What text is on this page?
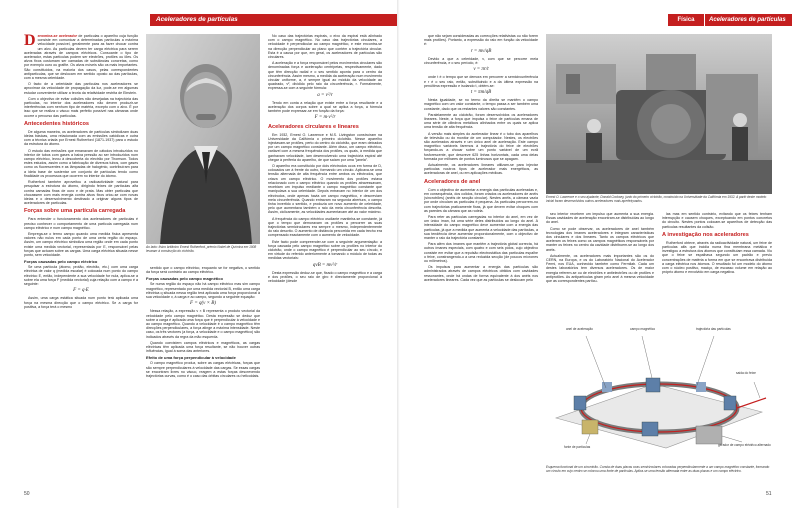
Aceleradores de partículas

Denomina-se acelerador de partículas o aparelho cuja função consiste em comunicar a determinadas partículas a máxima velocidade possível, geralmente para as fazer chocar contra um alvo. As partículas devem ter carga eléctrica para serem aceleradas através de campos eléctricos. Consoante o tipo de acelerador, estas partículas podem ser electrões, protões ou iões. Os alvos fixos costumam ser camadas de substâncias concretas, como por exemplo ouro ou grafite. Os alvos móveis são os mais importantes. São constituídos, na maioria dos casos, pelas correspondentes antipartículas, que se deslocam em sentido oposto ao das partículas, com a mesma celeridade.

O facto de a celeridade das partículas nos aceleradores se aproximar da velocidade de propagação da luz, pode-se em algumas estudar conveniente utilizar a teoria da relatividade restrita de Einstein.

Com o objectivo de evitar colisões não desejadas na trajectória das partículas, no interior dos aceleradores não devem produzir-se interferências com nenhum tipo de matéria, excepto com o alvo. É por isso que se realiza o vácuo mais perfeito possível nas câmaras onde ocorre o percurso das partículas.

Antecedentes históricos

De alguma maneira, os aceleradores de partículas simbolizam duas ideias básicas, uma relacionada com as emissões catódicas e outra com a técnica criada por Ernest Rutherford (1871-1937) para o estudo da estrutura do átomo.

O estudo das emissões que emanavam de cátodos introduzidos no interior de tubos com gases a baixa pressão ao ser introduzidos num campo eléctrico, levou à descoberta do electrão por Thomson. Todos estes estudos, assim como a fabricação de diversos tubos, com gases como os fluorescentes e as lâmpadas de halogénio, contribuíram para a ideia base de sustentar um conjunto de partículas tendo como finalidade os processos que ocorrem no interior do átomo.

Rutherford também aproveitou a radioactividade natural para pesquisar a estrutura do átomo, dirigindo feixes de partículas alfa contra camadas finas de ouro e de prata. Mas obter partículas que chocassem com mais energia contra alvos fixos criou-se com novas ideias e o desenvolvimento destinado a originar alguns tipos de aceleradores de partículas.

Forças sobre uma partícula carregada

Para entender o funcionamento dos aceleradores de partículas é preciso conhecer o comportamento de uma partícula carregada num campo eléctrico e num campo magnético.

Emprega-se o termo campo quando uma medida física apresenta valores não nulos em cada ponto de uma certa região do espaço. Assim, um campo eléctrico simboliza uma região onde em cada ponto existe uma medida vectorial, representada por E, responsável pelas forças que actuam sobre as cargas. Uma carga eléctrica situada nesse ponto, sem velocidade.

Forças causadas pelo campo eléctrico

Se uma partícula (átomo, protão, electrão, etc.) com uma carga eléctrica de valor q (medida escalar) é colocada num ponto do campo eléctrico E, então, independente a sua velocidade for nula, aplica-se a sobre ela uma força F (medida vectorial) cuja relação com a campo é a seguinte:

F = q·E

Assim, uma carga estática situada num ponto terá aplicada uma força na mesma direcção que o campo eléctrico. Se a carga for positiva, a força terá o mesmo

Ao lado: físico britânico Ernest Rutherford, prémio Nobel de Química em 1908 levaram à construção do ciclotrão.

sentido que o campo eléctrico, enquanto se for negativa, o sentido da força será contrário ao campo eléctrico.

Forças causadas pelo campo magnético

Se numa região do espaço não há campo eléctrico mas sim campo magnético, representado por uma medida vectorial B, então uma carga eléctrica q situada nessa região terá aplicada uma força proporcional à sua velocidade v, à carga e ao campo, segundo a seguinte equação:

F = q(v × B)

Nessa relação, a expressão v × B representa o produto vectorial da velocidade pelo campo magnético. Desta expressão se deduz que sobre a carga é aplicada uma força que é perpendicular à velocidade e ao campo magnético. Quando a velocidade é o campo magnético têm direcções perpendiculares, a força atinge a máxima intensidade. Neste caso, os três vectores (a força, a velocidade e o campo magnético) são indicados através da regra da mão esquerda.

Quando coexistem campos eléctricos e magnéticos, as cargas eléctricas têm aplicada uma força resultante, se não houver outras influências, igual à soma das anteriores.

Efeito de uma força perpendicular à velocidade

O campo magnético produz, sobre as cargas eléctricas, forças que são sempre perpendiculares à velocidade das cargas. Se essas cargas se encontram livres no vácuo, reagem a estas forças descrevendo trajectórias curvas, como é o caso das órbitas circulares ou helicoidais.

No caso das trajectórias espirais, o eixo da espiral está alinhado com o campo magnético. No caso das trajectórias circulares, a velocidade é perpendicular ao campo magnético, e este encontra-se na direcção perpendicular ao plano que contém a trajectória circular. Esta é a causa por que, em geral, os aceleradores de partículas são circulares.

A aceleração e a força responsável pelos movimentos circulares são denominadas força e aceleração centrípetas, respectivamente, dado que têm direcção radial e o seu sentido aponta para o centro da circunferência. Assim mesmo, a medida da aceleração num movimento circular uniforme, a, é sempre igual ao módulo da velocidade ao quadrado, v², dividido pelo raio da circunferência, r. Formalmente, expressa-se com a seguinte fórmula:

a = v²/r

Tendo em conta a relação que existe entre a força resultante e a aceleração dos corpos sobre a qual se aplica a força, a fórmula também pode expressar-se em função da força:

F = m·v²/r
Aceleradores circulares e lineares

Em 1932, Ernest O. Lawrence e M.S. Livingston construíram na Universidade da Califórnia o primeiro ciclotrão. Nesse aparelho injectavam-se protões, perto do centro do ciclotrão, que eram deixados por um campo magnético constante. Além disso, um campo eléctrico, variável com a mesma frequência dos protões, os quais, à medida que ganhavam velocidade, iam desenvolvendo uma trajectória espiral até chegar à periferia do aparelho, de que saíam por uma "janela".

O aparelho era constituído por dois eléctrodos ocos em forma de D, colocados um à frente do outro, formando um círculo. Aplicava-se uma tensão alternada de alta frequência entre ambos os eléctrodos, que criava um campo eléctrico. O movimento dos protões estava relacionado com o campo eléctrico quando os protões atravessavam, recebiam um impulso mediante o campo magnético constante que manipulava a sua celeridade. Depois entravam no interior de um dos eléctrodos, onde apenas havia um campo magnético, e descreviam meia circunferência. Quando entravam na segunda abertura, o campo tinha invertido o sentido, e produzia um novo aumento de celeridade, pelo que aumentava também o raio da meia circunferência descrita. Assim, ciclicamente, as velocidades aumentavam até ao valor máximo.

A frequência do campo eléctrico oscilante mantinha-se constante, já que o tempo que demoravam os protões a percorrer as suas trajectórias semicirculares era sempre o mesmo, independentemente do raio descrito. O aumento de distância percorrida em cada trecho era compensado exactamente com o aumento de velocidade.

Este facto pode compreender-se com a seguinte argumentação: a força causada pelo campo magnético sobre os protões no interior do ciclotrão, onde o campo magnético é perpendicular ao seu círculo, e em virtude do referido anteriormente a tomando o módulo de todas as medidas vectoriais:

qvB = mv²/r

Desta expressão deduz-se que, fixado o campo magnético e a carga e dos protões, o seu raio de giro é directamente proporcional à velocidade (desde

50
Física	Aceleradores de partículas

que não sejam consideradas as correcções relativistas ou não forem mais protões). Portanto, a expressão do raio em função da velocidade é:

r = mv/qB

Devido a que a celeridade, v, com que se percorre meia circunferência, e o seu período, é:

v = πr/t

onde t é o tempo que se demora em percorrer a semicircunferência e r é o seu raio, então, substituindo e a da última expressão na penúltima expressão e isolando t, obtém-se:

t = πm/qB

Nesta igualdade, se no termo da direita se mantêm o campo magnético com um valor constante, o tempo passa a ser também uma constante, dado que os restantes valores são constantes.

Paralelamente ao ciclotrão, foram desenvolvidos os aceleradores lineares. Neste, a força que impulsa o feixe de partículas emana de uma série de cilindros metálicos alinhados entre os quais se aplica uma tensão de alta frequência.

A versão mais simples do acelerador linear é o tubo dos aparelhos de televisão ou do monitor de um computador. Nestes, os electrões são acelerados através e um único anel de aceleração. Este campo magnético variáveis faremos à trajectória do feixe de electrões forçando-os a chocar sobre um ponto variável de um ecrã fosforescente, que descreve 625 linhas horizontais, cada uma delas formada por milhares de pontos luminosos que se apagam.

Actualmente, os aceleradores lineares utilizam-se para injectar partículas noutros tipos de acelerador mais energéticos, as aceleradoras de anel, ou em aplicações médicas.

Aceleradores de anel

Com o objectivo de aumentar a energia das partículas aceleradas e, em consequência, dos colidos, foram criados os aceleradores de anéis (síncrotrões) (anéis de secção circular). Nestes anéis, a câmara vazia por onde circulam as partículas é pequena. As partículas percorrem-no com trajectórias praticamente fixas, já que devem evitar choques com as paredes da câmara que as rodeia.

Para reter as partículas carregadas no interior do anel, em vez de um único íman, há uma série deles distribuídos ao longo do anel. A intensidade do campo magnético deve aumentar com a energia das partículas, já que a medida que aumenta a velocidade das partículas, a sua tendência deve aumentar proporcionalmente, com o objectivo de manter o raio da trajectória constante.

Para além dos ímanes que mantêm a trajectória global correcta, há outros ímanes especiais, com quatro e com seis pólos, cujo objectivo consiste em evitar que a repulsão electrostática das partículas espalhe o feixe, constrangendo-o a uma reduzida secção (de poucos mícrones ou milímetros).

Os impulsos para aumentar a energia das partículas são administrados através de campos eléctricos obtidos com cavidades ressonantes, onde há ondas de forma equivalente à dos anéis nos aceleradores lineares. Cada vez que as partículas se deslocam pelo

Ernest O. Lawrence e o seu ajudante, Donald Cooksey, junto do primeiro ciclotrão, construído na Universidade da Califórnia em 1932. A partir deste modelo inicial foram desenvolvidos outros aceleradores mais aperfeiçoados.

seu interior recebem um impulso que aumenta a sua energia. Essas cavidades de aceleração encontram-se distribuídas ao longo do anel.

Como se pode observar, os aceleradores de anel também tecnologias dos ímanes aceleradores e integram características dos circulares e dos lineares. Tanto os campos eléctricos que aceleram os feixes como os campos magnéticos responsáveis por manter os feixes no centro da cavidade distribuem-se ao longo dos anéis.

Actualmente, os aceleradores mais importantes são os do CERN, na Europa, e os do Laboratório Nacional do Acelerador Fermi, nos EUA, conhecido também como Fermilab. Cada um destes laboratórios tem diversos aceleradores. Os de maior energia referem-se ou de electrões e antielectrões ou de protões e antiprotões. As antipartículas giram pelo anel à mesma velocidade que as correspondentes partícu-

las mas em sentido contrário, evitando que os feixes tenham interrupção e causem choques, exceptuando em pontos concretos do circuito. Nestes pontos colocam-se aparelhos de detecção das partículas resultantes da colisão.

A investigação nos aceleradores

Rutherford obteve, através da radioactividade natural, um feixe de partículas alfa que incidia numa fina membrana metálica e investigou a estrutura dos átomos que constituíam essa camada. Viu que o feixe se espalhava segundo um padrão e previu concentrações de matéria a forma em que se encontrava distribuída a carga eléctrica nos átomos. O resultado foi um modelo do átomo com o núcleo positivo, maciço, de escasso volume em relação ao próprio átomo e envolvido em carga negativa.

anel de aceleração	campo magnético	trajectória das partículas
fonte de partículas	gerador de campo eléctrico alternado
saída do feixe
Esquema funcional de um síncrotrão. Consta de duas placas ocas semicirculares colocadas perpendicularmente a um campo magnético constante, formando um círculo em cujo centro se colocou uma fonte de partículas. Aplica-se uma tensão alternada entre as duas placas e um campo eléctrico.
51
